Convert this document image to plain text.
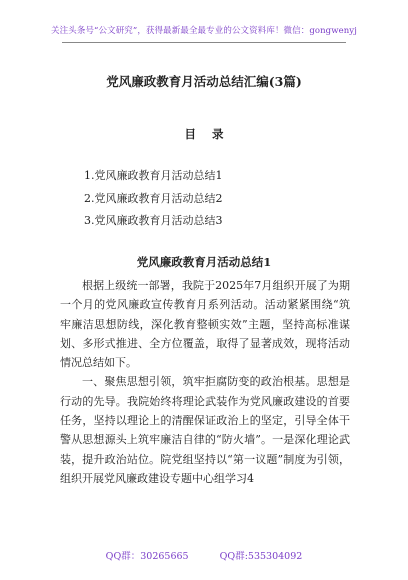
关注头条号“公文研究”，获得最新最全最专业的公文资料库！微信：gongwenyj
党风廉政教育月活动总结汇编(3篇)
目 录
1.党风廉政教育月活动总结1
2.党风廉政教育月活动总结2
3.党风廉政教育月活动总结3
党风廉政教育月活动总结1

根据上级统一部署，我院于2025年7月组织开展了为期一个月的党风廉政宣传教育月系列活动。活动紧紧围绕“筑牢廉洁思想防线，深化教育整顿实效”主题，坚持高标准谋划、多形式推进、全方位覆盖，取得了显著成效，现将活动情况总结如下。

一、聚焦思想引领，筑牢拒腐防变的政治根基。思想是行动的先导。我院始终将理论武装作为党风廉政建设的首要任务，坚持以理论上的清醒保证政治上的坚定，引导全体干警从思想源头上筑牢廉洁自律的“防火墙”。一是深化理论武装，提升政治站位。院党组坚持以“第一议题”制度为引领，组织开展党风廉政建设专题中心组学习4

QQ群：30265665	QQ群:535304092
